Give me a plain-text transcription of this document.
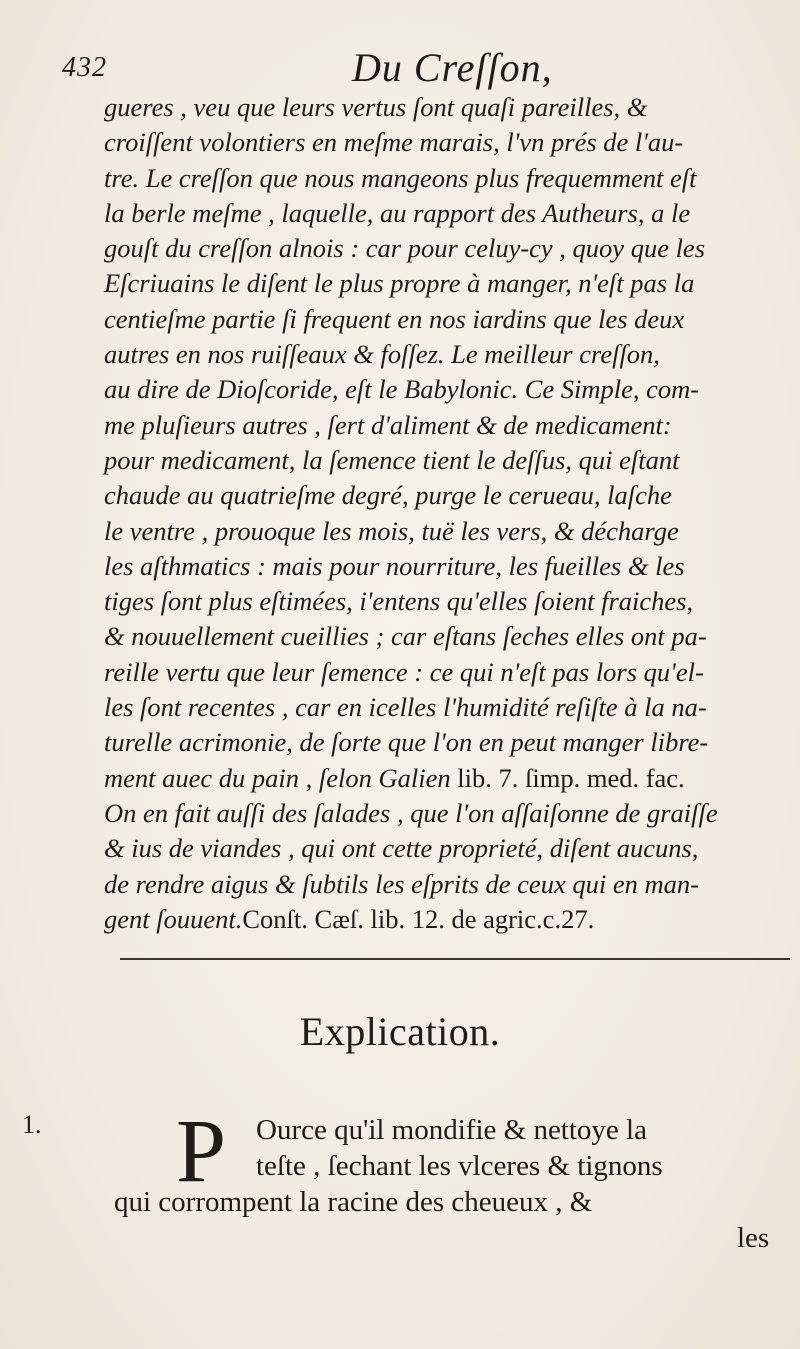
432	Du Creſſon,
gueres , veu que leurs vertus ſont quaſi pareilles, &
croiſſent volontiers en meſme marais, l'vn prés de l'au-
tre. Le creſſon que nous mangeons plus frequemment eſt
la berle meſme , laquelle, au rapport des Autheurs, a le
gouſt du creſſon alnois : car pour celuy-cy , quoy que les
Eſcriuains le diſent le plus propre à manger, n'eſt pas la
centieſme partie ſi frequent en nos iardins que les deux
autres en nos ruiſſeaux & foſſez. Le meilleur creſſon,
au dire de Dioſcoride, eſt le Babylonic. Ce Simple, com-
me pluſieurs autres , ſert d'aliment & de medicament:
pour medicament, la ſemence tient le deſſus, qui eſtant
chaude au quatrieſme degré, purge le cerueau, laſche
le ventre , prouoque les mois, tuë les vers, & décharge
les aſthmatics : mais pour nourriture, les fueilles & les
tiges ſont plus eſtimées, i'entens qu'elles ſoient fraiches,
& nouuellement cueillies ; car eſtans ſeches elles ont pa-
reille vertu que leur ſemence : ce qui n'eſt pas lors qu'el-
les ſont recentes , car en icelles l'humidité reſiſte à la na-
turelle acrimonie, de ſorte que l'on en peut manger libre-
ment auec du pain , ſelon Galien lib. 7. ſimp. med. fac.
On en fait auſſi des ſalades , que l'on aſſaiſonne de graiſſe
& ius de viandes , qui ont cette proprieté, diſent aucuns,
de rendre aigus & ſubtils les eſprits de ceux qui en man-
gent ſouuent.Conſt. Cæſ. lib. 12. de agric.c.27.
Explication.
1. P Ource qu'il mondifie & nettoye la
teſte , ſechant les vlceres & tignons
qui corrompent la racine des cheueux , &
les
